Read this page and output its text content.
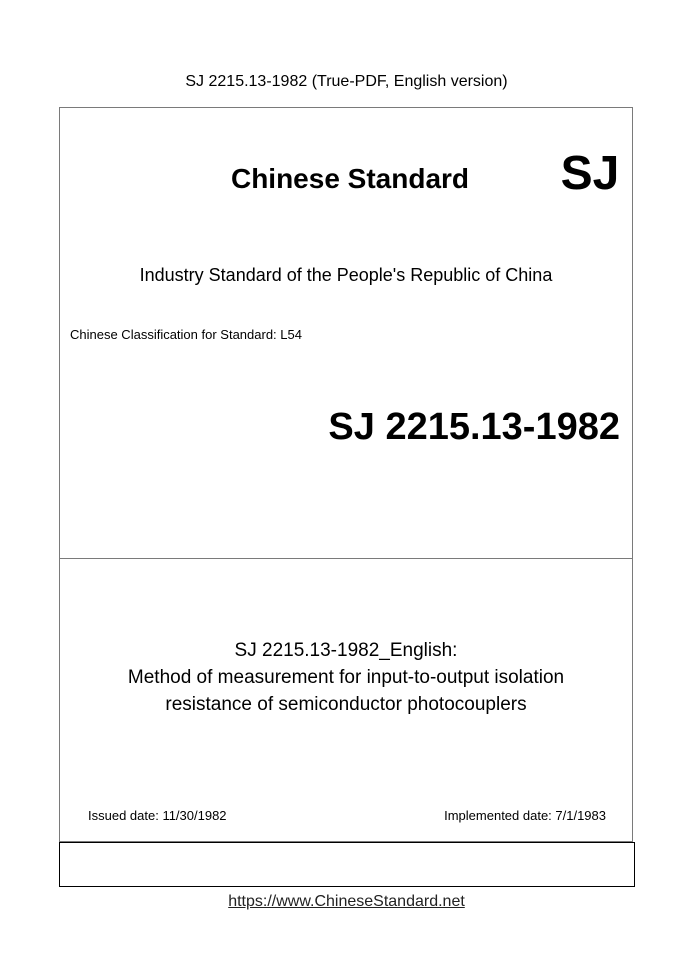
SJ 2215.13-1982 (True-PDF, English version)
Chinese Standard	SJ
Industry Standard of the People's Republic of China
Chinese Classification for Standard: L54
SJ 2215.13-1982
SJ 2215.13-1982_English:
Method of measurement for input-to-output isolation
resistance of semiconductor photocouplers
Issued date: 11/30/1982	Implemented date: 7/1/1983
https://www.ChineseStandard.net
